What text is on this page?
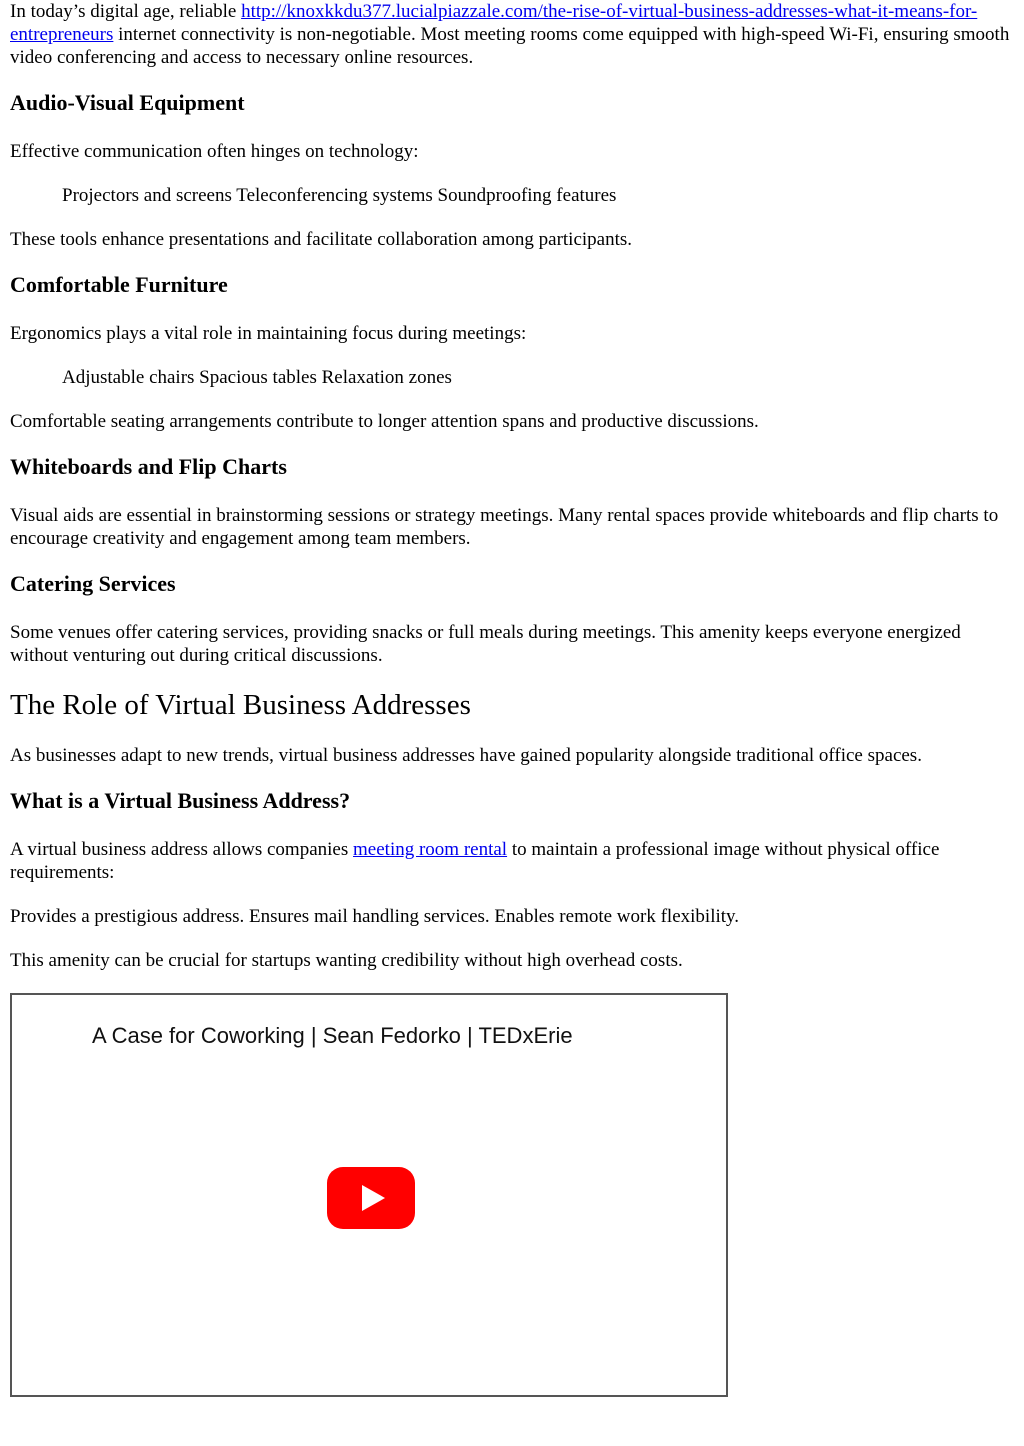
In today’s digital age, reliable http://knoxkkdu377.lucialpiazzale.com/the-rise-of-virtual-business-addresses-what-it-means-for-entrepreneurs internet connectivity is non-negotiable. Most meeting rooms come equipped with high-speed Wi-Fi, ensuring smooth video conferencing and access to necessary online resources.

Audio-Visual Equipment

Effective communication often hinges on technology:

Projectors and screens Teleconferencing systems Soundproofing features

These tools enhance presentations and facilitate collaboration among participants.

Comfortable Furniture

Ergonomics plays a vital role in maintaining focus during meetings:

Adjustable chairs Spacious tables Relaxation zones

Comfortable seating arrangements contribute to longer attention spans and productive discussions.

Whiteboards and Flip Charts

Visual aids are essential in brainstorming sessions or strategy meetings. Many rental spaces provide whiteboards and flip charts to encourage creativity and engagement among team members.

Catering Services

Some venues offer catering services, providing snacks or full meals during meetings. This amenity keeps everyone energized without venturing out during critical discussions.

The Role of Virtual Business Addresses

As businesses adapt to new trends, virtual business addresses have gained popularity alongside traditional office spaces.

What is a Virtual Business Address?

A virtual business address allows companies meeting room rental to maintain a professional image without physical office requirements:

Provides a prestigious address. Ensures mail handling services. Enables remote work flexibility.

This amenity can be crucial for startups wanting credibility without high overhead costs.

A Case for Coworking | Sean Fedorko | TEDxErie
